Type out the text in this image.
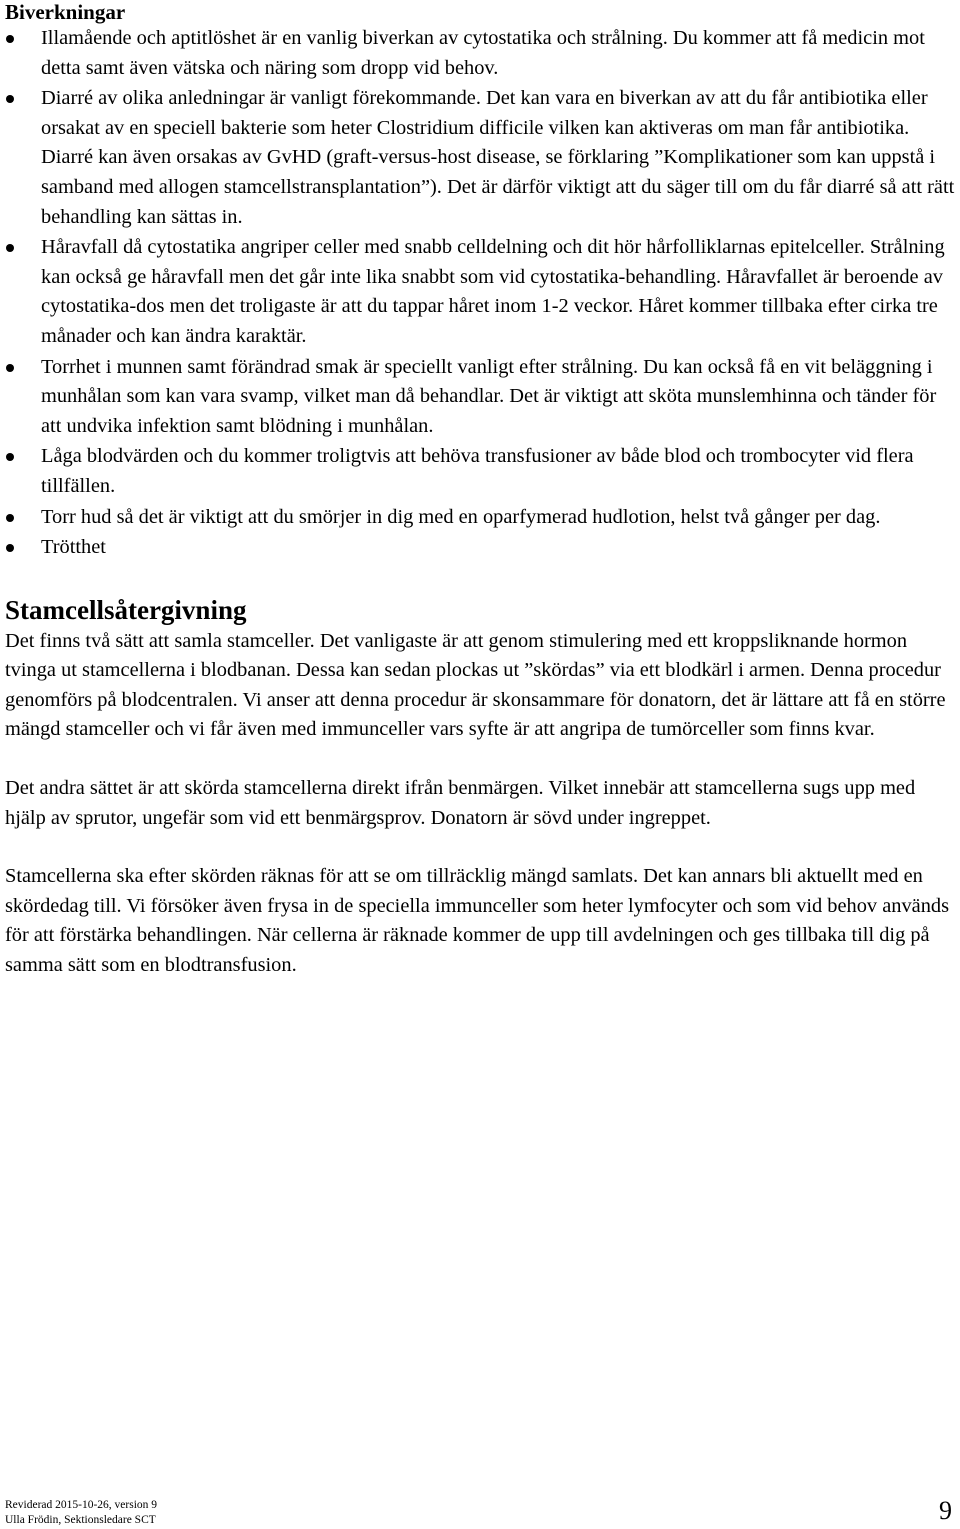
Biverkningar
Illamående och aptitlöshet är en vanlig biverkan av cytostatika och strålning. Du kommer att få medicin mot detta samt även vätska och näring som dropp vid behov.
Diarré av olika anledningar är vanligt förekommande. Det kan vara en biverkan av att du får antibiotika eller orsakat av en speciell bakterie som heter Clostridium difficile vilken kan aktiveras om man får antibiotika. Diarré kan även orsakas av GvHD (graft-versus-host disease, se förklaring ”Komplikationer som kan uppstå i samband med allogen stamcellstransplantation”). Det är därför viktigt att du säger till om du får diarré så att rätt behandling kan sättas in.
Håravfall då cytostatika angriper celler med snabb celldelning och dit hör hårfolliklarnas epitelceller. Strålning kan också ge håravfall men det går inte lika snabbt som vid cytostatika-behandling. Håravfallet är beroende av cytostatika-dos men det troligaste är att du tappar håret inom 1-2 veckor. Håret kommer tillbaka efter cirka tre månader och kan ändra karaktär.
Torrhet i munnen samt förändrad smak är speciellt vanligt efter strålning. Du kan också få en vit beläggning i munhålan som kan vara svamp, vilket man då behandlar. Det är viktigt att sköta munslemhinna och tänder för att undvika infektion samt blödning i munhålan.
Låga blodvärden och du kommer troligtvis att behöva transfusioner av både blod och trombocyter vid flera tillfällen.
Torr hud så det är viktigt att du smörjer in dig med en oparfymerad hudlotion, helst två gånger per dag.
Trötthet
Stamcellsåtergivning

Det finns två sätt att samla stamceller. Det vanligaste är att genom stimulering med ett kroppsliknande hormon tvinga ut stamcellerna i blodbanan. Dessa kan sedan plockas ut ”skördas” via ett blodkärl i armen. Denna procedur genomförs på blodcentralen. Vi anser att denna procedur är skonsammare för donatorn, det är lättare att få en större mängd stamceller och vi får även med immunceller vars syfte är att angripa de tumörceller som finns kvar.

Det andra sättet är att skörda stamcellerna direkt ifrån benmärgen. Vilket innebär att stamcellerna sugs upp med hjälp av sprutor, ungefär som vid ett benmärgsprov. Donatorn är sövd under ingreppet.

Stamcellerna ska efter skörden räknas för att se om tillräcklig mängd samlats. Det kan annars bli aktuellt med en skördedag till. Vi försöker även frysa in de speciella immunceller som heter lymfocyter och som vid behov används för att förstärka behandlingen. När cellerna är räknade kommer de upp till avdelningen och ges tillbaka till dig på samma sätt som en blodtransfusion.

Reviderad 2015-10-26, version 9
Ulla Frödin, Sektionsledare SCT	9
